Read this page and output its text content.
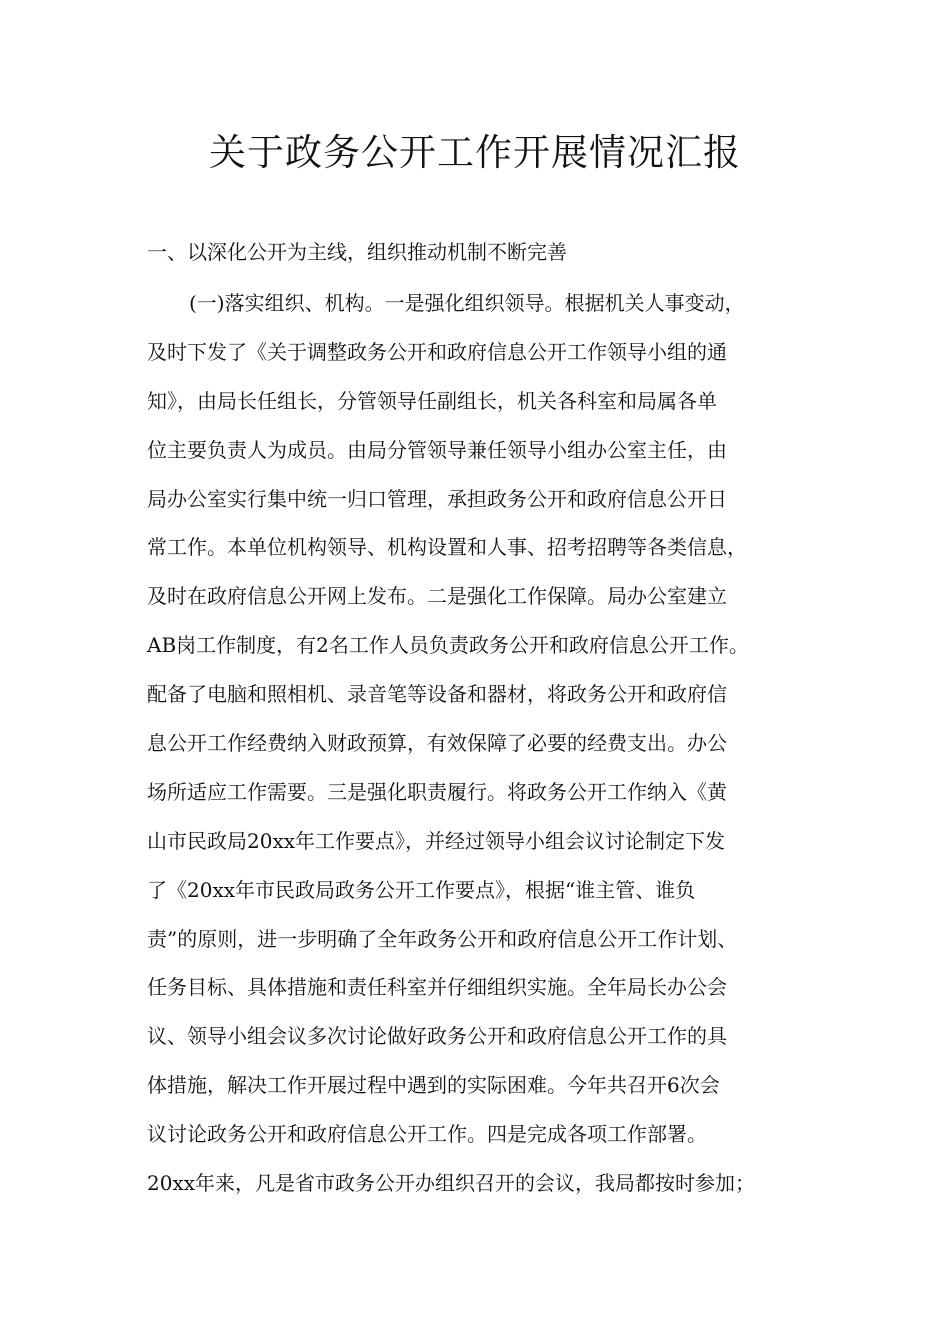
关于政务公开工作开展情况汇报

一、以深化公开为主线，组织推动机制不断完善

(一)落实组织、机构。一是强化组织领导。根据机关人事变动，
及时下发了《关于调整政务公开和政府信息公开工作领导小组的通
知》，由局长任组长，分管领导任副组长，机关各科室和局属各单
位主要负责人为成员。由局分管领导兼任领导小组办公室主任，由
局办公室实行集中统一归口管理，承担政务公开和政府信息公开日
常工作。本单位机构领导、机构设置和人事、招考招聘等各类信息，
及时在政府信息公开网上发布。二是强化工作保障。局办公室建立
AB岗工作制度，有2名工作人员负责政务公开和政府信息公开工作。
配备了电脑和照相机、录音笔等设备和器材，将政务公开和政府信
息公开工作经费纳入财政预算，有效保障了必要的经费支出。办公
场所适应工作需要。三是强化职责履行。将政务公开工作纳入《黄
山市民政局20xx年工作要点》，并经过领导小组会议讨论制定下发
了《20xx年市民政局政务公开工作要点》，根据“谁主管、谁负
责”的原则，进一步明确了全年政务公开和政府信息公开工作计划、
任务目标、具体措施和责任科室并仔细组织实施。全年局长办公会
议、领导小组会议多次讨论做好政务公开和政府信息公开工作的具
体措施，解决工作开展过程中遇到的实际困难。今年共召开6次会
议讨论政务公开和政府信息公开工作。四是完成各项工作部署。
20xx年来，凡是省市政务公开办组织召开的会议，我局都按时参加；
